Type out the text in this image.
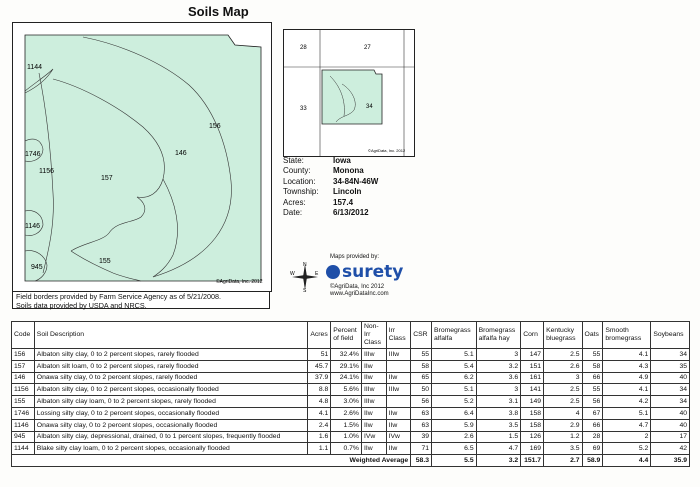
Soils Map
1144
156
146
157
1746
1156
1146
945
155
©AgriData, Inc. 2012
28	27
33	34
©AgriData, Inc. 2012
State:	Iowa
County:	Monona
Location:	34-84N-46W
Township:	Lincoln
Acres:	157.4
Date:	6/13/2012
N
S
E
W
Maps provided by:
surety
©AgriData, Inc 2012
www.AgriDataInc.com
Field borders provided by Farm Service Agency as of 5/21/2008.
Soils data provided by USDA and NRCS.
Code	Soil Description	Acres	Percent of field	Non-Irr Class	Irr Class	CSR	Bromegrass alfalfa	Bromegrass alfalfa hay	Corn	Kentucky bluegrass	Oats	Smooth bromegrass	Soybeans
156	Albaton silty clay, 0 to 2 percent slopes, rarely flooded	51	32.4%	IIIw	IIIw	55	5.1	3	147	2.5	55	4.1	34
157	Albaton silt loam, 0 to 2 percent slopes, rarely flooded	45.7	29.1%	IIw		58	5.4	3.2	151	2.6	58	4.3	35
146	Onawa silty clay, 0 to 2 percent slopes, rarely flooded	37.9	24.1%	IIw	IIw	65	6.2	3.6	161	3	66	4.9	40
1156	Albaton silty clay, 0 to 2 percent slopes, occasionally flooded	8.8	5.6%	IIIw	IIIw	50	5.1	3	141	2.5	55	4.1	34
155	Albaton silty clay loam, 0 to 2 percent slopes, rarely flooded	4.8	3.0%	IIIw		56	5.2	3.1	149	2.5	56	4.2	34
1746	Lossing silty clay, 0 to 2 percent slopes, occasionally flooded	4.1	2.6%	IIw	IIw	63	6.4	3.8	158	4	67	5.1	40
1146	Onawa silty clay, 0 to 2 percent slopes, occasionally flooded	2.4	1.5%	IIw	IIw	63	5.9	3.5	158	2.9	66	4.7	40
945	Albaton silty clay, depressional, drained, 0 to 1 percent slopes, frequently flooded	1.6	1.0%	IVw	IVw	39	2.6	1.5	126	1.2	28	2	17
1144	Blake silty clay loam, 0 to 2 percent slopes, occasionally flooded	1.1	0.7%	IIw	IIw	71	6.5	4.7	169	3.5	69	5.2	42
Weighted Average						58.3	5.5	3.2	151.7	2.7	58.9	4.4	35.9
